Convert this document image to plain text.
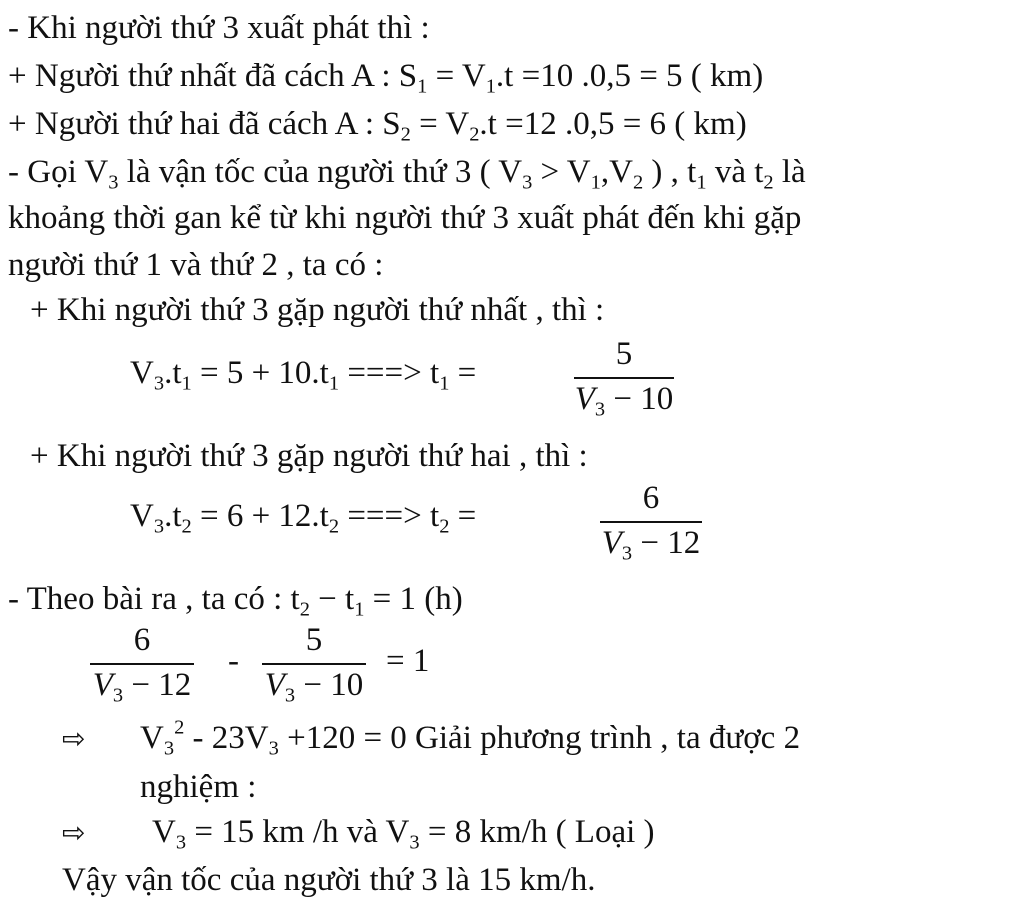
- Khi người thứ 3 xuất phát thì :
+ Người thứ nhất đã cách A : $S_1 = V_1.t =10$ .0,5 = 5 ( km)
+ Người thứ hai đã cách A : $S_2 = V_2.t =12$ .0,5 = 6 ( km)
- Gọi $V_3$ là vận tốc của người thứ 3 ( $V_3 > V_1,V_2$ ) , $t_1$ và $t_2$ là
khoảng thời gan kể từ khi người thứ 3 xuất phát đến khi gặp
người thứ 1 và thứ 2 , ta có :
+ Khi người thứ 3 gặp người thứ nhất , thì :
$V_3.t_1 = 5 + 10.t_1$ ===> $t_1$ =
5
$V_3 - 10$
+ Khi người thứ 3 gặp người thứ hai , thì :
$V_3.t_2 = 6 + 12.t_2$ ===> $t_2$ =	6
$V_3 - 12$
- Theo bài ra , ta có : $t_2 - t_1 = 1$ (h)
6
$V_3 - 12$
-
5
$V_3 - 10$
= 1
⇨ $V_3^2 - 23V_3 +120 = 0$ Giải phương trình , ta được 2
nghiệm :
⇨ $V_3 = 15$ km /h và $V_3 = 8$ km/h ( Loại )
Vậy vận tốc của người thứ 3 là 15 km/h.
